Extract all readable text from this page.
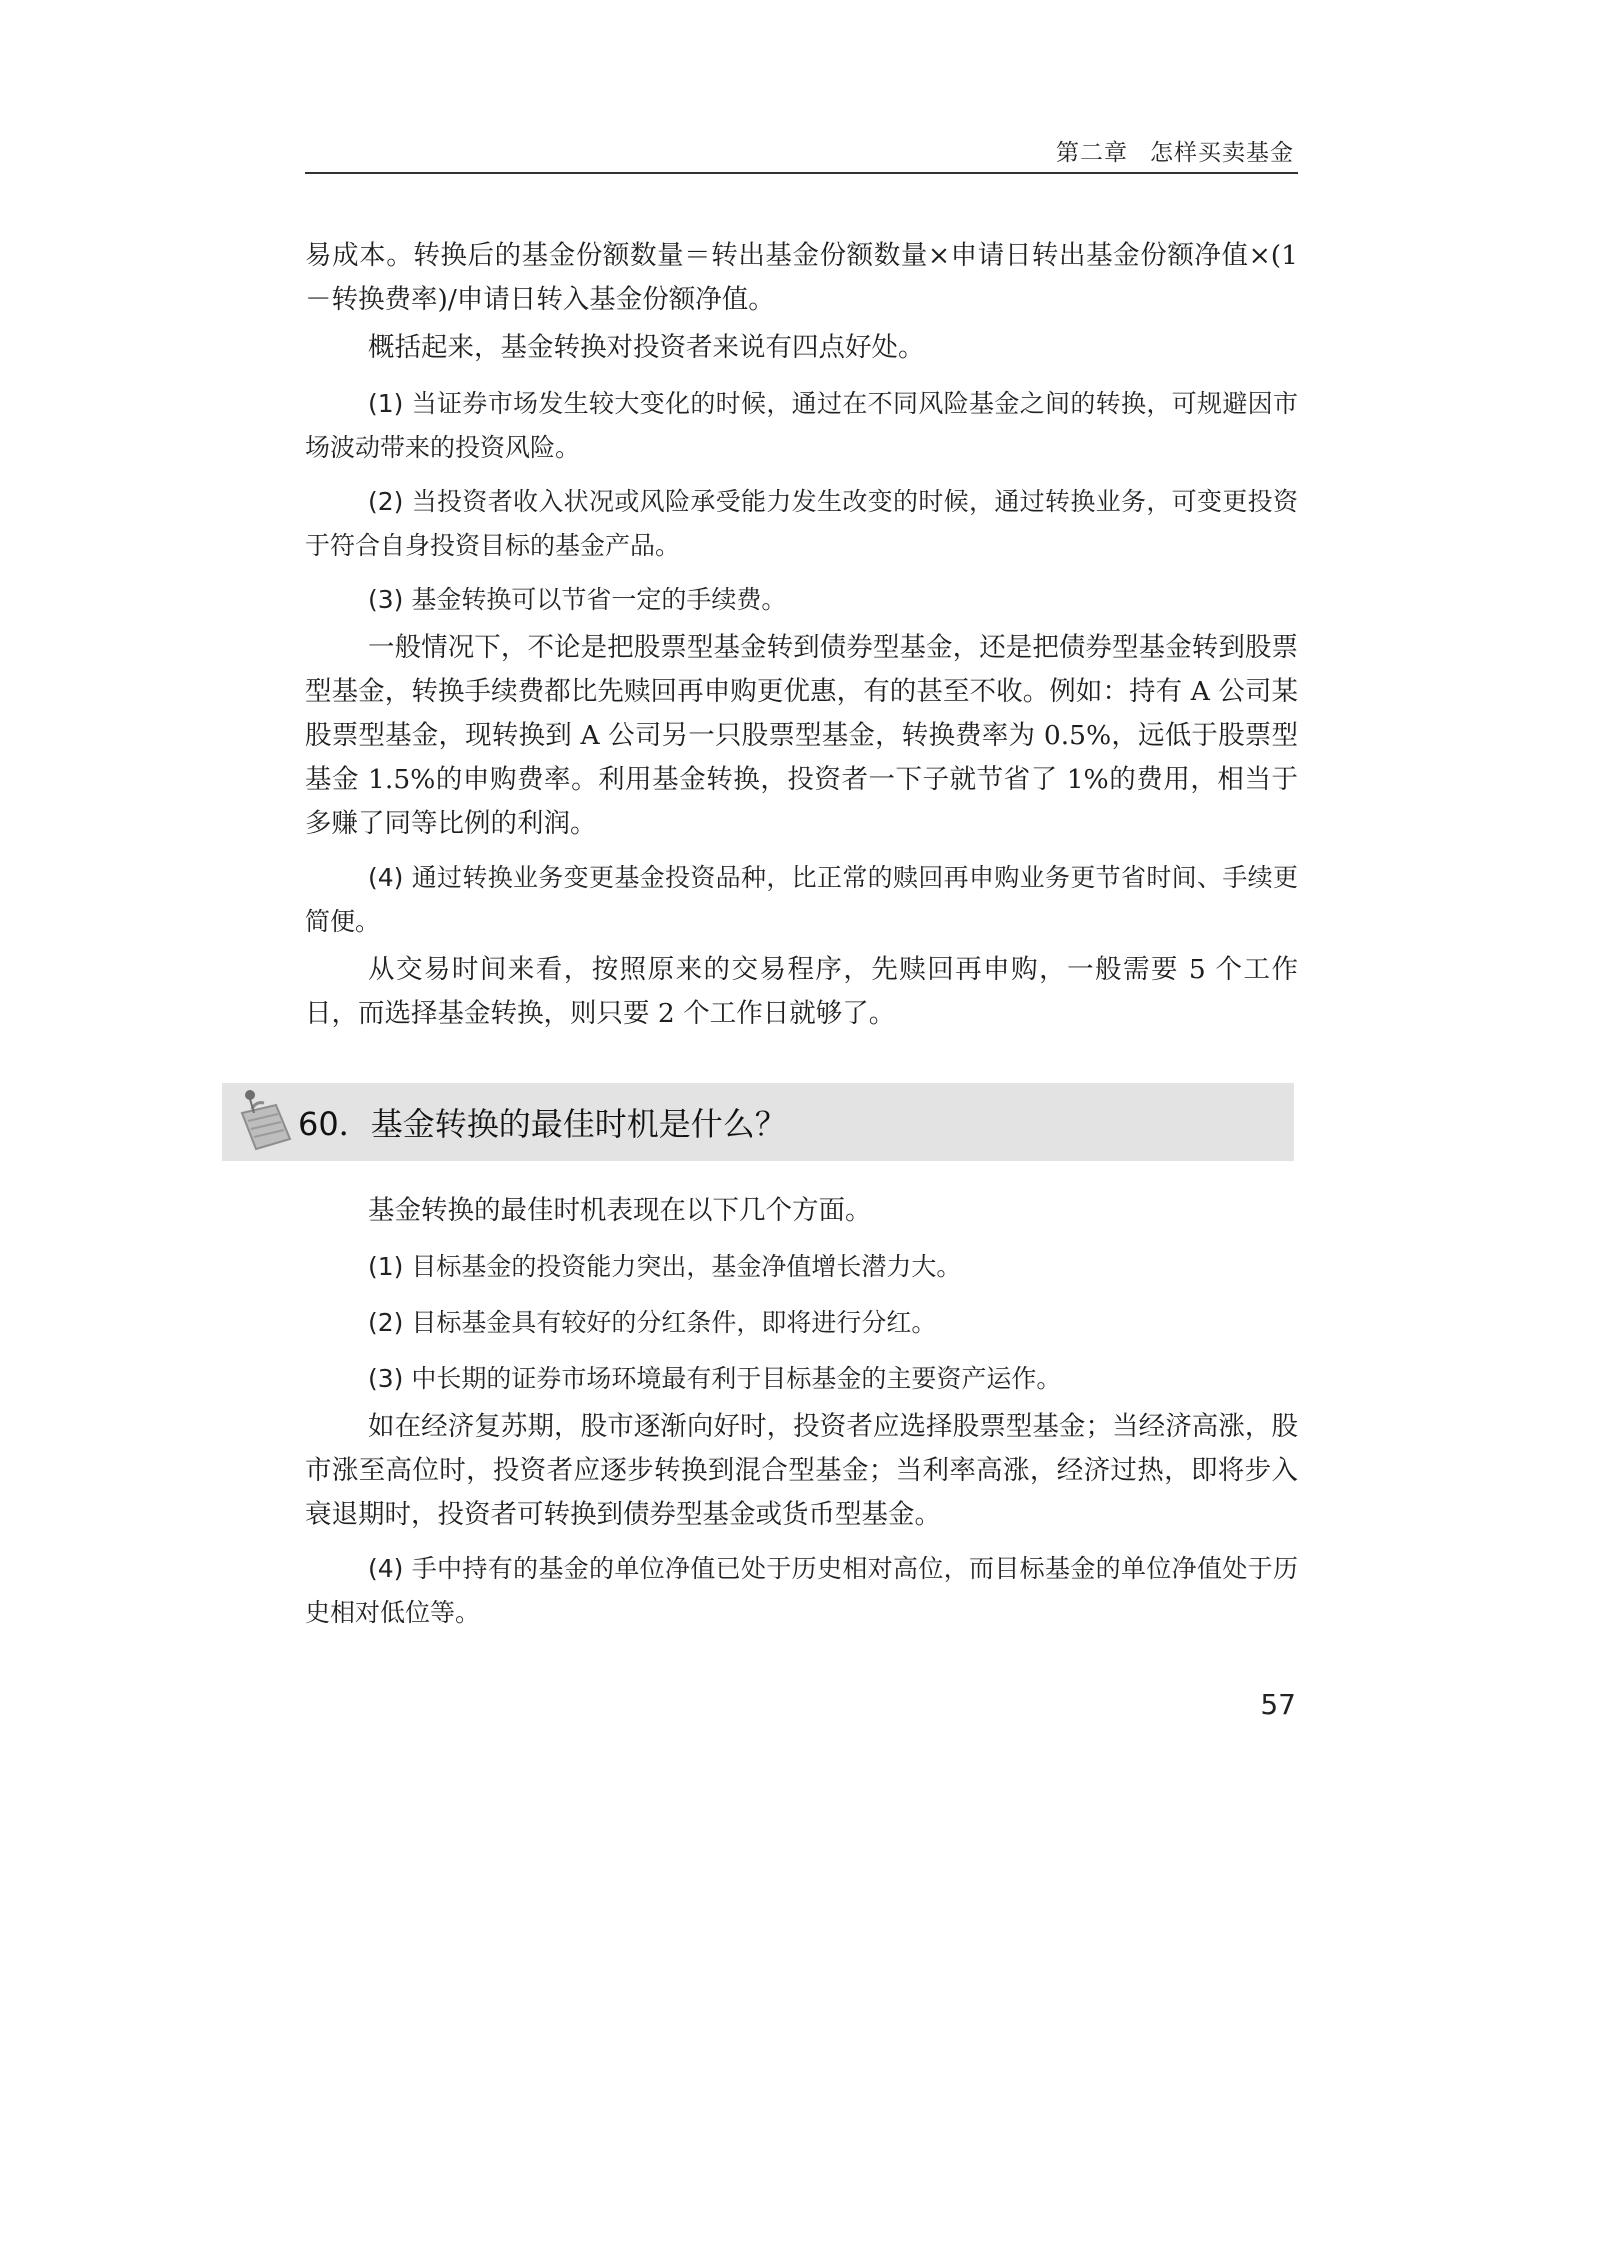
第二章 怎样买卖基金

易成本。转换后的基金份额数量＝转出基金份额数量×申请日转出基金份额净值×(1－转换费率)/申请日转入基金份额净值。

概括起来，基金转换对投资者来说有四点好处。

(1) 当证券市场发生较大变化的时候，通过在不同风险基金之间的转换，可规避因市场波动带来的投资风险。

(2) 当投资者收入状况或风险承受能力发生改变的时候，通过转换业务，可变更投资于符合自身投资目标的基金产品。

(3) 基金转换可以节省一定的手续费。

一般情况下，不论是把股票型基金转到债券型基金，还是把债券型基金转到股票型基金，转换手续费都比先赎回再申购更优惠，有的甚至不收。例如：持有 A 公司某股票型基金，现转换到 A 公司另一只股票型基金，转换费率为 0.5%，远低于股票型基金 1.5%的申购费率。利用基金转换，投资者一下子就节省了 1%的费用，相当于多赚了同等比例的利润。

(4) 通过转换业务变更基金投资品种，比正常的赎回再申购业务更节省时间、手续更简便。

从交易时间来看，按照原来的交易程序，先赎回再申购，一般需要 5 个工作日，而选择基金转换，则只要 2 个工作日就够了。

60．基金转换的最佳时机是什么？

基金转换的最佳时机表现在以下几个方面。

(1) 目标基金的投资能力突出，基金净值增长潜力大。

(2) 目标基金具有较好的分红条件，即将进行分红。

(3) 中长期的证券市场环境最有利于目标基金的主要资产运作。

如在经济复苏期，股市逐渐向好时，投资者应选择股票型基金；当经济高涨，股市涨至高位时，投资者应逐步转换到混合型基金；当利率高涨，经济过热，即将步入衰退期时，投资者可转换到债券型基金或货币型基金。

(4) 手中持有的基金的单位净值已处于历史相对高位，而目标基金的单位净值处于历史相对低位等。

57
